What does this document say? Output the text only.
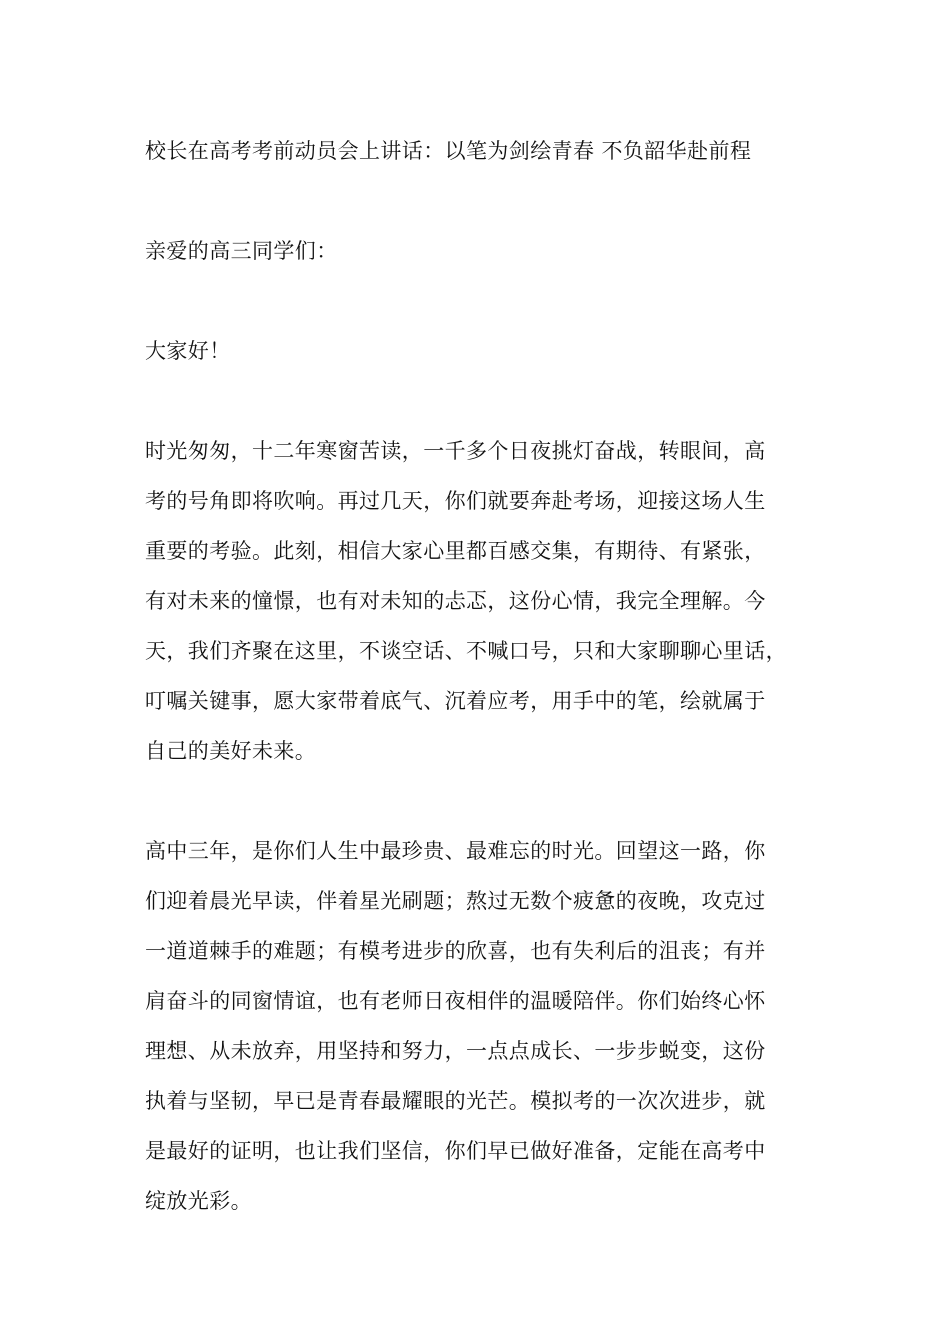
校长在高考考前动员会上讲话：以笔为剑绘青春 不负韶华赴前程

亲爱的高三同学们：

大家好！

时光匆匆，十二年寒窗苦读，一千多个日夜挑灯奋战，转眼间，高

考的号角即将吹响。再过几天，你们就要奔赴考场，迎接这场人生

重要的考验。此刻，相信大家心里都百感交集，有期待、有紧张，

有对未来的憧憬，也有对未知的忐忑，这份心情，我完全理解。今

天，我们齐聚在这里，不谈空话、不喊口号，只和大家聊聊心里话，

叮嘱关键事，愿大家带着底气、沉着应考，用手中的笔，绘就属于

自己的美好未来。

高中三年，是你们人生中最珍贵、最难忘的时光。回望这一路，你

们迎着晨光早读，伴着星光刷题；熬过无数个疲惫的夜晚，攻克过

一道道棘手的难题；有模考进步的欣喜，也有失利后的沮丧；有并

肩奋斗的同窗情谊，也有老师日夜相伴的温暖陪伴。你们始终心怀

理想、从未放弃，用坚持和努力，一点点成长、一步步蜕变，这份

执着与坚韧，早已是青春最耀眼的光芒。模拟考的一次次进步，就

是最好的证明，也让我们坚信，你们早已做好准备，定能在高考中

绽放光彩。
